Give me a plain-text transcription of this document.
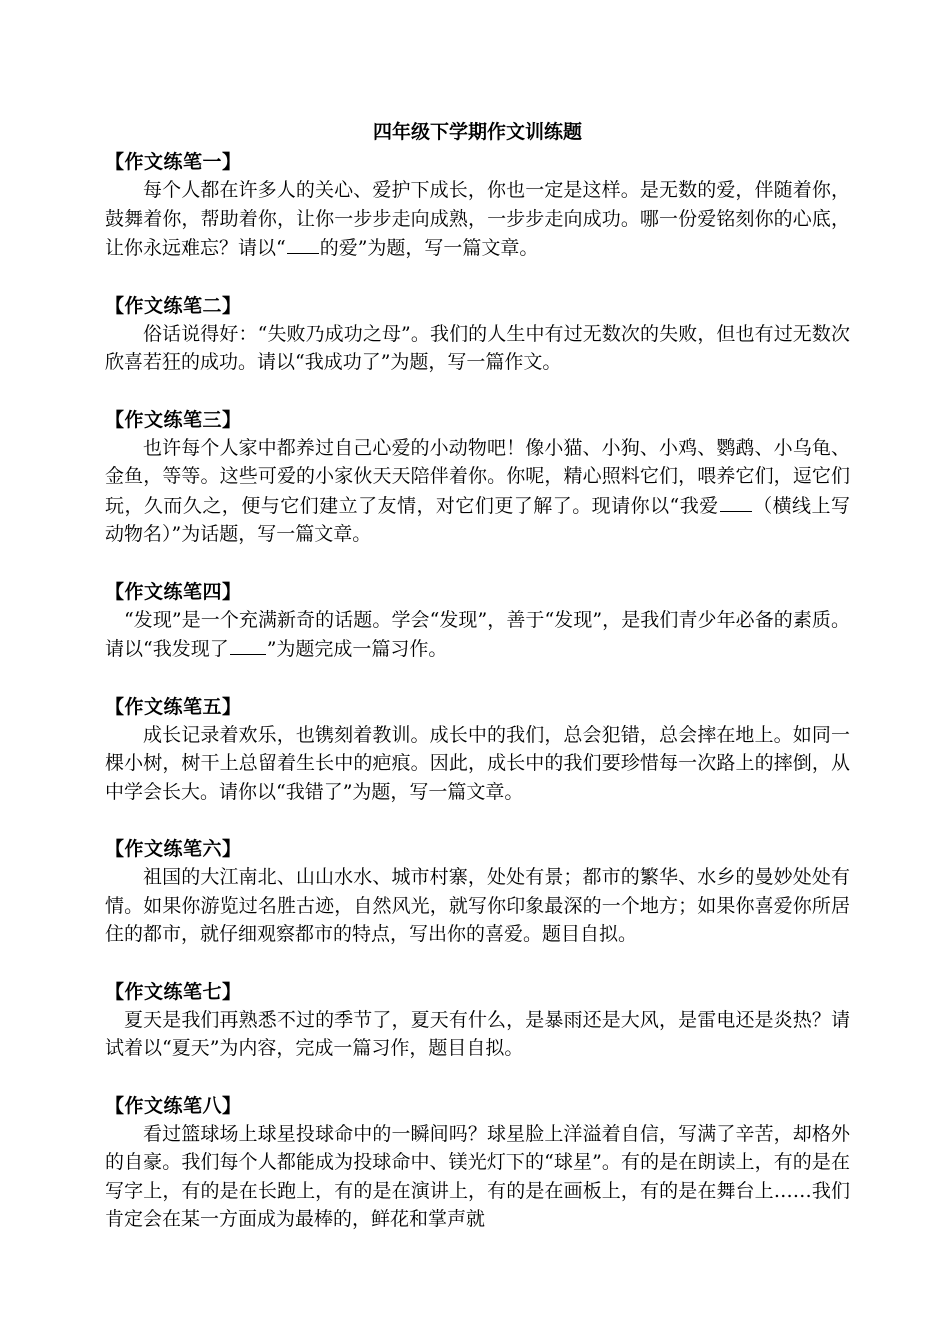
四年级下学期作文训练题

【作文练笔一】

每个人都在许多人的关心、爱护下成长，你也一定是这样。是无数的爱，伴随着你，鼓舞着你，帮助着你，让你一步步走向成熟，一步步走向成功。哪一份爱铭刻你的心底，让你永远难忘？请以“ 的爱”为题，写一篇文章。

【作文练笔二】

俗话说得好：“失败乃成功之母”。我们的人生中有过无数次的失败，但也有过无数次欣喜若狂的成功。请以“我成功了”为题，写一篇作文。

【作文练笔三】

也许每个人家中都养过自己心爱的小动物吧！像小猫、小狗、小鸡、鹦鹉、小乌龟、金鱼，等等。这些可爱的小家伙天天陪伴着你。你呢，精心照料它们，喂养它们，逗它们玩，久而久之，便与它们建立了友情，对它们更了解了。现请你以“我爱 （横线上写动物名）”为话题，写一篇文章。

【作文练笔四】

“发现”是一个充满新奇的话题。学会“发现”，善于“发现”，是我们青少年必备的素质。请以“我发现了 ”为题完成一篇习作。

【作文练笔五】

成长记录着欢乐，也镌刻着教训。成长中的我们，总会犯错，总会摔在地上。如同一棵小树，树干上总留着生长中的疤痕。因此，成长中的我们要珍惜每一次路上的摔倒，从中学会长大。请你以“我错了”为题，写一篇文章。

【作文练笔六】

祖国的大江南北、山山水水、城市村寨，处处有景；都市的繁华、水乡的曼妙处处有情。如果你游览过名胜古迹，自然风光，就写你印象最深的一个地方；如果你喜爱你所居住的都市，就仔细观察都市的特点，写出你的喜爱。题目自拟。

【作文练笔七】

夏天是我们再熟悉不过的季节了，夏天有什么，是暴雨还是大风，是雷电还是炎热？请试着以“夏天”为内容，完成一篇习作，题目自拟。

【作文练笔八】

看过篮球场上球星投球命中的一瞬间吗？球星脸上洋溢着自信，写满了辛苦，却格外的自豪。我们每个人都能成为投球命中、镁光灯下的“球星”。有的是在朗读上，有的是在写字上，有的是在长跑上，有的是在演讲上，有的是在画板上，有的是在舞台上……我们肯定会在某一方面成为最棒的，鲜花和掌声就
